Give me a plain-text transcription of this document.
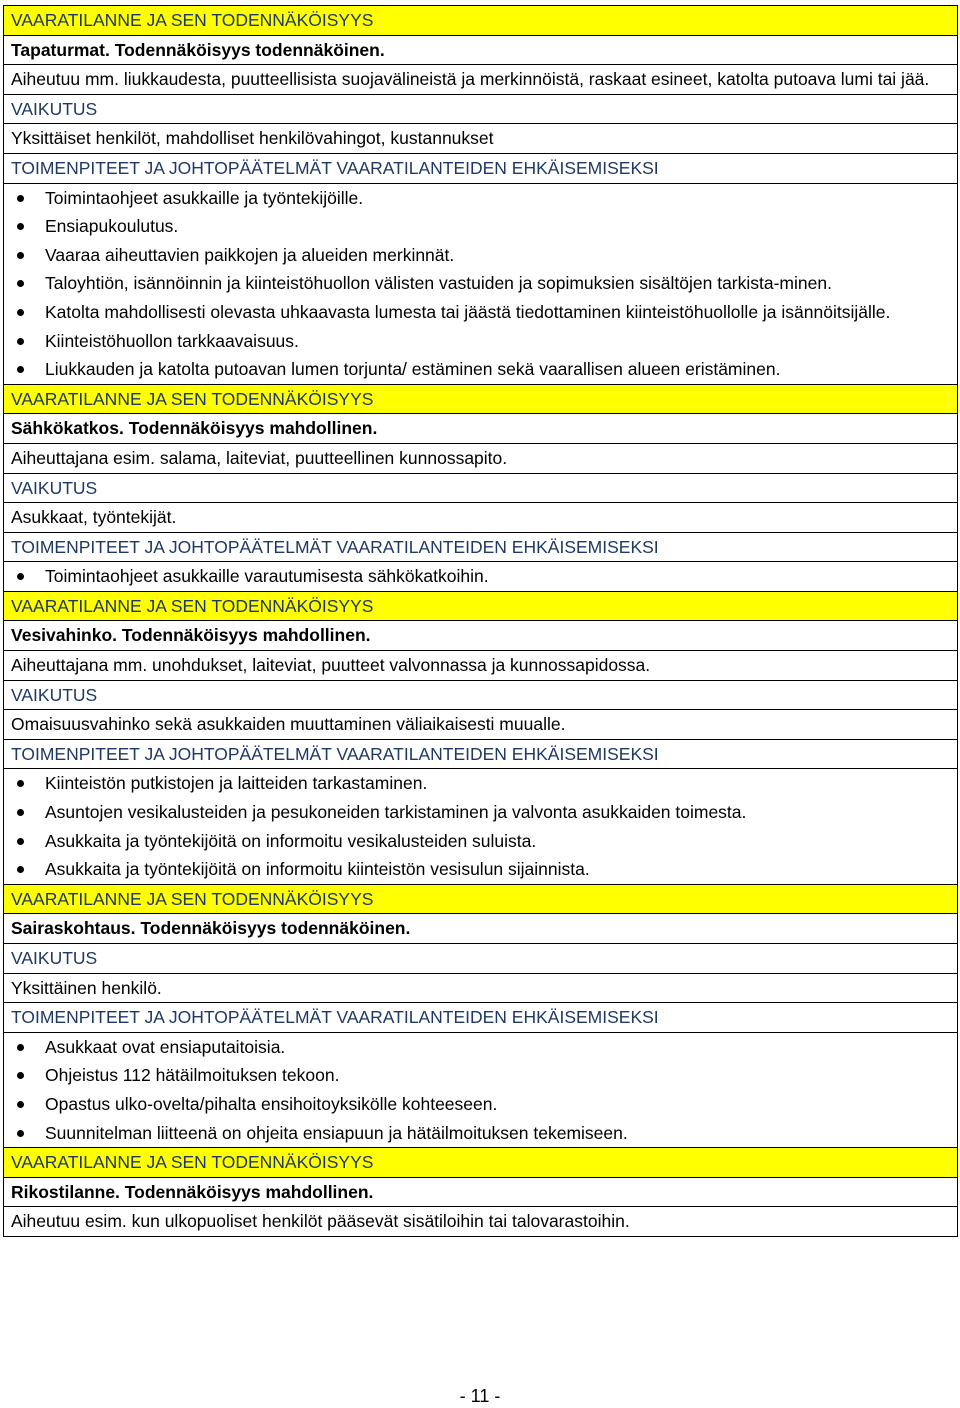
VAARATILANNE JA SEN TODENNÄKÖISYYS
Tapaturmat. Todennäköisyys todennäköinen.
Aiheutuu mm. liukkaudesta, puutteellisista suojavälineistä ja merkinnöistä, raskaat esineet, katolta putoava lumi tai jää.
VAIKUTUS
Yksittäiset henkilöt, mahdolliset henkilövahingot, kustannukset
TOIMENPITEET JA JOHTOPÄÄTELMÄT VAARATILANTEIDEN EHKÄISEMISEKSI
Toimintaohjeet asukkaille ja työntekijöille.
Ensiapukoulutus.
Vaaraa aiheuttavien paikkojen ja alueiden merkinnät.
Taloyhtiön, isännöinnin ja kiinteistöhuollon välisten vastuiden ja sopimuksien sisältöjen tarkista-minen.
Katolta mahdollisesti olevasta uhkaavasta lumesta tai jäästä tiedottaminen kiinteistöhuollolle ja isännöitsijälle.
Kiinteistöhuollon tarkkaavaisuus.
Liukkauden ja katolta putoavan lumen torjunta/ estäminen sekä vaarallisen alueen eristäminen.
VAARATILANNE JA SEN TODENNÄKÖISYYS
Sähkökatkos. Todennäköisyys mahdollinen.
Aiheuttajana esim. salama, laiteviat, puutteellinen kunnossapito.
VAIKUTUS
Asukkaat, työntekijät.
TOIMENPITEET JA JOHTOPÄÄTELMÄT VAARATILANTEIDEN EHKÄISEMISEKSI
Toimintaohjeet asukkaille varautumisesta sähkökatkoihin.
VAARATILANNE JA SEN TODENNÄKÖISYYS
Vesivahinko. Todennäköisyys mahdollinen.
Aiheuttajana mm. unohdukset, laiteviat, puutteet valvonnassa ja kunnossapidossa.
VAIKUTUS
Omaisuusvahinko sekä asukkaiden muuttaminen väliaikaisesti muualle.
TOIMENPITEET JA JOHTOPÄÄTELMÄT VAARATILANTEIDEN EHKÄISEMISEKSI
Kiinteistön putkistojen ja laitteiden tarkastaminen.
Asuntojen vesikalusteiden ja pesukoneiden tarkistaminen ja valvonta asukkaiden toimesta.
Asukkaita ja työntekijöitä on informoitu vesikalusteiden suluista.
Asukkaita ja työntekijöitä on informoitu kiinteistön vesisulun sijainnista.
VAARATILANNE JA SEN TODENNÄKÖISYYS
Sairaskohtaus. Todennäköisyys todennäköinen.
VAIKUTUS
Yksittäinen henkilö.
TOIMENPITEET JA JOHTOPÄÄTELMÄT VAARATILANTEIDEN EHKÄISEMISEKSI
Asukkaat ovat ensiaputaitoisia.
Ohjeistus 112 hätäilmoituksen tekoon.
Opastus ulko-ovelta/pihalta ensihoitoyksikölle kohteeseen.
Suunnitelman liitteenä on ohjeita ensiapuun ja hätäilmoituksen tekemiseen.
VAARATILANNE JA SEN TODENNÄKÖISYYS
Rikostilanne. Todennäköisyys mahdollinen.
Aiheutuu esim. kun ulkopuoliset henkilöt pääsevät sisätiloihin tai talovarastoihin.
- 11 -
